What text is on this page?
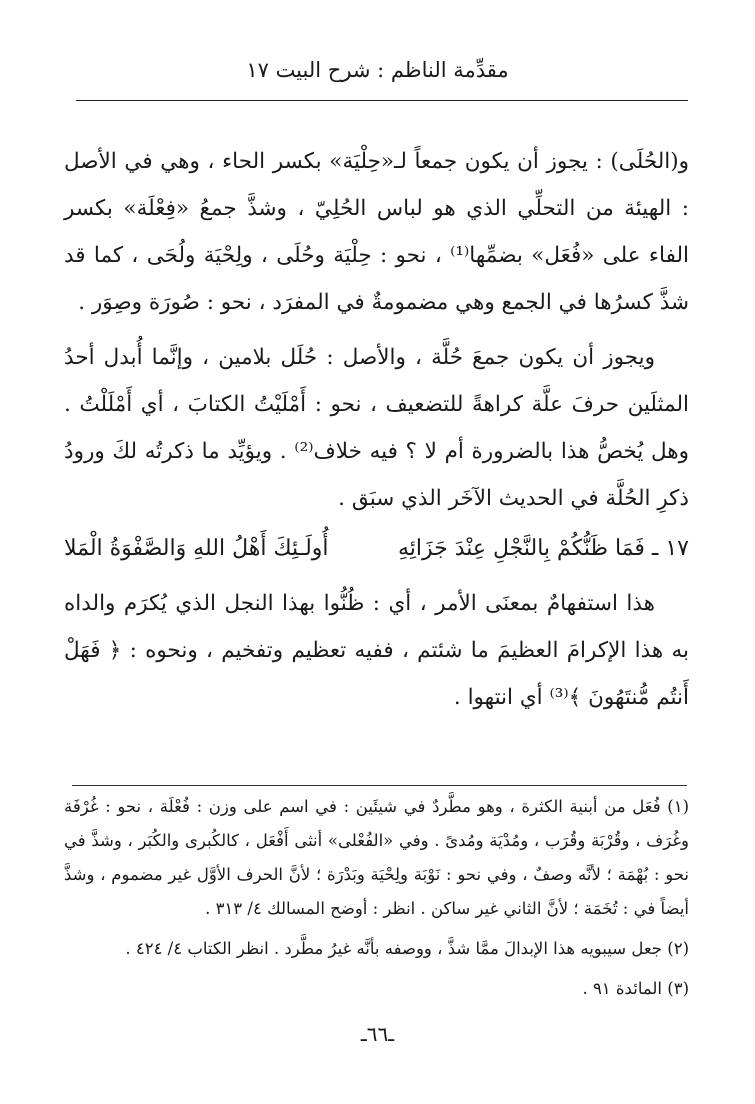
مقدِّمة الناظم : شرح البيت ١٧

و(الحُلَى) : يجوز أن يكون جمعاً لـ«حِلْيَة» بكسر الحاء ، وهي في الأصل : الهيئة من التحلِّي الذي هو لباس الحُلِيّ ، وشذَّ جمعُ «فِعْلَة» بكسر الفاء على «فُعَل» بضمِّها⁽¹⁾ ، نحو : حِلْيَة وحُلَى ، ولِحْيَة ولُحَى ، كما قد شذَّ كسرُها في الجمع وهي مضمومةٌ في المفرَد ، نحو : صُورَة وصِوَر .

ويجوز أن يكون جمعَ حُلَّة ، والأصل : حُلَل بلامين ، وإنَّما أُبدل أحدُ المثلَين حرفَ علَّة كراهةً للتضعيف ، نحو : أَمْلَيْتُ الكتابَ ، أي أَمْلَلْتُ . وهل يُخصُّ هذا بالضرورة أم لا ؟ فيه خلاف⁽²⁾ . ويؤيِّد ما ذكرتُه لكَ ورودُ ذكرِ الحُلَّة في الحديث الآخَر الذي سبَق .

١٧ ـ فَمَا ظَنُّكُمْ بِالنَّجْلِ عِنْدَ جَزَائِهِ
أُولَـئِكَ أَهْلُ اللهِ وَالصَّفْوَةُ الْمَلا

هذا استفهامٌ بمعنَى الأمر ، أي : ظُنُّوا بهذا النجل الذي يُكرَم والداه به هذا الإكرامَ العظيمَ ما شئتم ، ففيه تعظيم وتفخيم ، ونحوه : ﴿ فَهَلْ أَنتُم مُّنتَهُونَ ﴾⁽³⁾ أي انتهوا .

(١) فُعَل من أبنية الكثرة ، وهو مطَّردٌ في شيئَين : في اسم على وزن : فُعْلَة ، نحو : غُرْفَة وغُرَف ، وقُرْبَة وقُرَب ، ومُدْيَة ومُدىً . وفي «الفُعْلى» أنثى أَفْعَل ، كالكُبرى والكُبَر ، وشذَّ في نحو : بُهْمَة ؛ لأنَّه وصفٌ ، وفي نحو : نَوْبَة ولِحْيَة وبَدْرَة ؛ لأنَّ الحرف الأوَّل غير مضموم ، وشذَّ أيضاً في : تُخَمَة ؛ لأنَّ الثاني غير ساكن . انظر : أوضح المسالك ٤/ ٣١٣ .

(٢) جعل سيبويه هذا الإبدالَ ممَّا شذَّ ، ووصفه بأنَّه غيرُ مطَّرد . انظر الكتاب ٤/ ٤٢٤ .

(٣) المائدة ٩١ .

ـ٦٦ـ
